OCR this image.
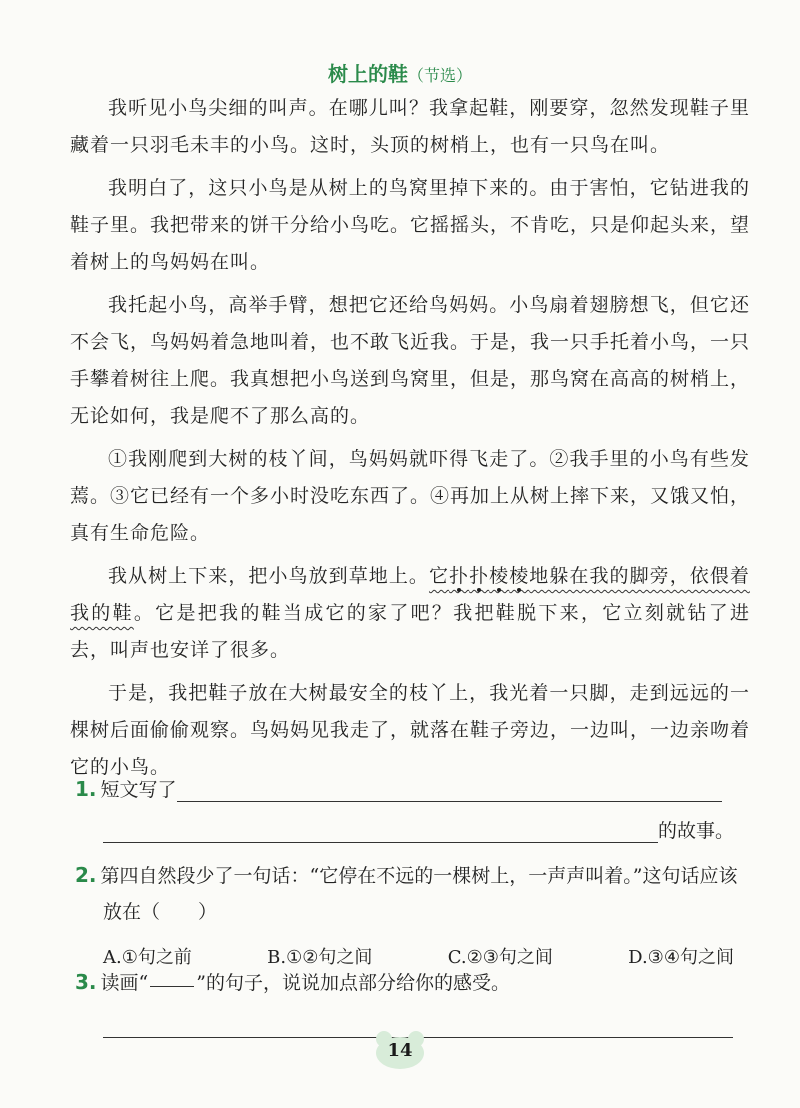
树上的鞋（节选）

我听见小鸟尖细的叫声。在哪儿叫？我拿起鞋，刚要穿，忽然发现鞋子里藏着一只羽毛未丰的小鸟。这时，头顶的树梢上，也有一只鸟在叫。

我明白了，这只小鸟是从树上的鸟窝里掉下来的。由于害怕，它钻进我的鞋子里。我把带来的饼干分给小鸟吃。它摇摇头，不肯吃，只是仰起头来，望着树上的鸟妈妈在叫。

我托起小鸟，高举手臂，想把它还给鸟妈妈。小鸟扇着翅膀想飞，但它还不会飞，鸟妈妈着急地叫着，也不敢飞近我。于是，我一只手托着小鸟，一只手攀着树往上爬。我真想把小鸟送到鸟窝里，但是，那鸟窝在高高的树梢上，无论如何，我是爬不了那么高的。

①我刚爬到大树的枝丫间，鸟妈妈就吓得飞走了。②我手里的小鸟有些发蔫。③它已经有一个多小时没吃东西了。④再加上从树上摔下来，又饿又怕，真有生命危险。

我从树上下来，把小鸟放到草地上。它扑扑棱棱地躲在我的脚旁，依偎着我的鞋。它是把我的鞋当成它的家了吧？我把鞋脱下来，它立刻就钻了进去，叫声也安详了很多。

于是，我把鞋子放在大树最安全的枝丫上，我光着一只脚，走到远远的一棵树后面偷偷观察。鸟妈妈见我走了，就落在鞋子旁边，一边叫，一边亲吻着它的小鸟。

1. 短文写了
的故事。
2. 第四自然段少了一句话：“它停在不远的一棵树上，一声声叫着。”这句话应该放在（　　）
A.①句之前	B.①②句之间	C.②③句之间	D.③④句之间
3. 读画“	”的句子，说说加点部分给你的感受。
14
